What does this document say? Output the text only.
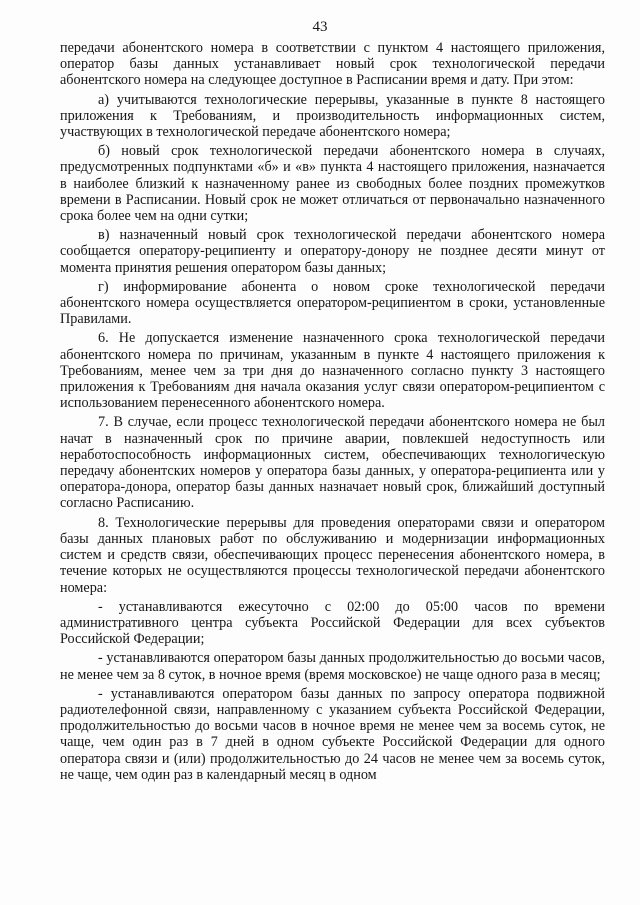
43

передачи абонентского номера в соответствии с пунктом 4 настоящего приложения, оператор базы данных устанавливает новый срок технологической передачи абонентского номера на следующее доступное в Расписании время и дату. При этом:

а) учитываются технологические перерывы, указанные в пункте 8 настоящего приложения к Требованиям, и производительность информационных систем, участвующих в технологической передаче абонентского номера;

б) новый срок технологической передачи абонентского номера в случаях, предусмотренных подпунктами «б» и «в» пункта 4 настоящего приложения, назначается в наиболее близкий к назначенному ранее из свободных более поздних промежутков времени в Расписании. Новый срок не может отличаться от первоначально назначенного срока более чем на одни сутки;

в) назначенный новый срок технологической передачи абонентского номера сообщается оператору-реципиенту и оператору-донору не позднее десяти минут от момента принятия решения оператором базы данных;

г) информирование абонента о новом сроке технологической передачи абонентского номера осуществляется оператором-реципиентом в сроки, установленные Правилами.

6. Не допускается изменение назначенного срока технологической передачи абонентского номера по причинам, указанным в пункте 4 настоящего приложения к Требованиям, менее чем за три дня до назначенного согласно пункту 3 настоящего приложения к Требованиям дня начала оказания услуг связи оператором-реципиентом с использованием перенесенного абонентского номера.

7. В случае, если процесс технологической передачи абонентского номера не был начат в назначенный срок по причине аварии, повлекшей недоступность или неработоспособность информационных систем, обеспечивающих технологическую передачу абонентских номеров у оператора базы данных, у оператора-реципиента или у оператора-донора, оператор базы данных назначает новый срок, ближайший доступный согласно Расписанию.

8. Технологические перерывы для проведения операторами связи и оператором базы данных плановых работ по обслуживанию и модернизации информационных систем и средств связи, обеспечивающих процесс перенесения абонентского номера, в течение которых не осуществляются процессы технологической передачи абонентского номера:

- устанавливаются ежесуточно с 02:00 до 05:00 часов по времени административного центра субъекта Российской Федерации для всех субъектов Российской Федерации;

- устанавливаются оператором базы данных продолжительностью до восьми часов, не менее чем за 8 суток, в ночное время (время московское) не чаще одного раза в месяц;

- устанавливаются оператором базы данных по запросу оператора подвижной радиотелефонной связи, направленному с указанием субъекта Российской Федерации, продолжительностью до восьми часов в ночное время не менее чем за восемь суток, не чаще, чем один раз в 7 дней в одном субъекте Российской Федерации для одного оператора связи и (или) продолжительностью до 24 часов не менее чем за восемь суток, не чаще, чем один раз в календарный месяц в одном
